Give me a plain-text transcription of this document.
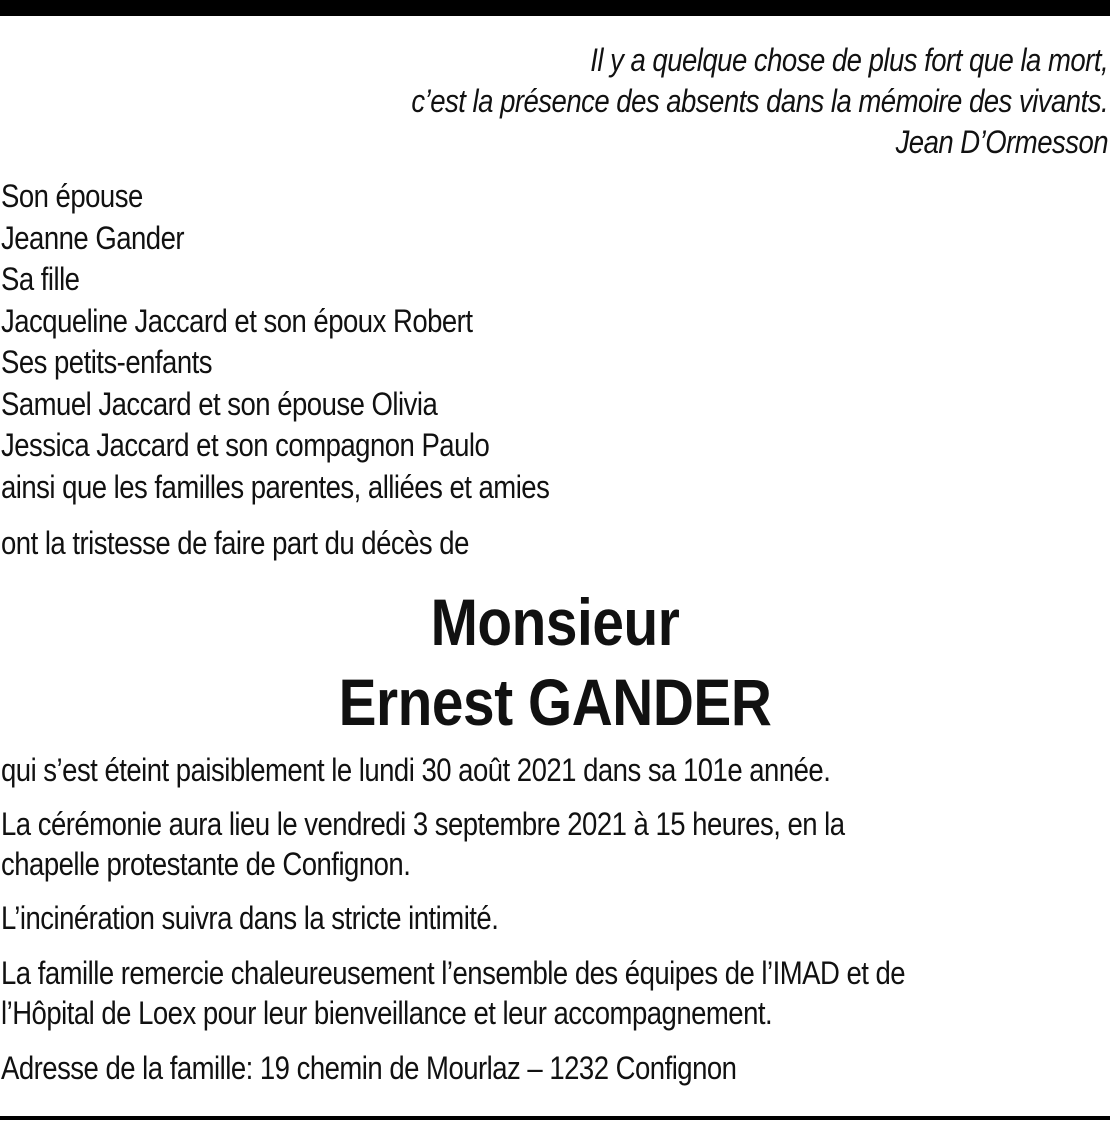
Il y a quelque chose de plus fort que la mort,
c’est la présence des absents dans la mémoire des vivants.
Jean D’Ormesson
Son épouse
Jeanne Gander
Sa fille
Jacqueline Jaccard et son époux Robert
Ses petits-enfants
Samuel Jaccard et son épouse Olivia
Jessica Jaccard et son compagnon Paulo
ainsi que les familles parentes, alliées et amies
ont la tristesse de faire part du décès de
Monsieur
Ernest GANDER
qui s’est éteint paisiblement le lundi 30 août 2021 dans sa 101e année.
La cérémonie aura lieu le vendredi 3 septembre 2021 à 15 heures, en la
chapelle protestante de Confignon.
L’incinération suivra dans la stricte intimité.
La famille remercie chaleureusement l’ensemble des équipes de l’IMAD et de
l’Hôpital de Loex pour leur bienveillance et leur accompagnement.
Adresse de la famille: 19 chemin de Mourlaz – 1232 Confignon
